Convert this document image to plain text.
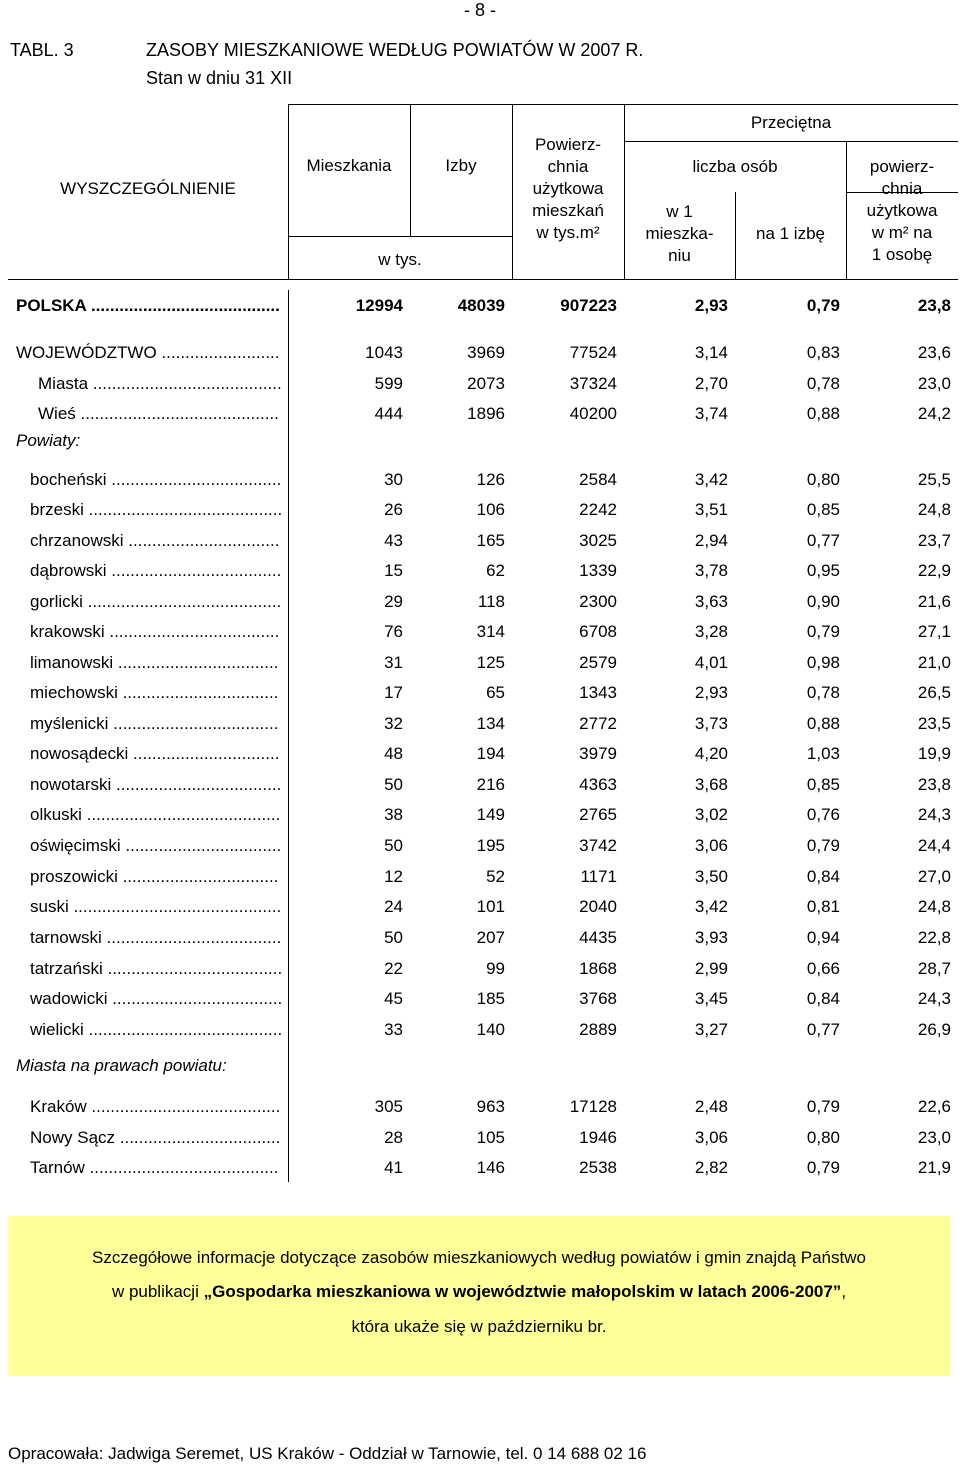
- 8 -
TABL. 3	ZASOBY MIESZKANIOWE WEDŁUG POWIATÓW W 2007 R.
Stan w dniu 31 XII
WYSZCZEGÓLNIENIE
Mieszkania	Izby
w tys.
Powierz-
chnia
użytkowa
mieszkań
w tys.m²
Przeciętna
liczba osób
w 1
mieszka-
niu
na 1 izbę
powierz-
chnia
użytkowa
w m² na
1 osobę
Powiaty:
Miasta na prawach powiatu:
POLSKA ........................................	12994	48039	907223	2,93	0,79	23,8
WOJEWÓDZTWO .........................	1043	3969	77524	3,14	0,83	23,6
Miasta ........................................	599	2073	37324	2,70	0,78	23,0
Wieś ..........................................	444	1896	40200	3,74	0,88	24,2
bocheński ....................................	30	126	2584	3,42	0,80	25,5
brzeski .........................................	26	106	2242	3,51	0,85	24,8
chrzanowski ................................	43	165	3025	2,94	0,77	23,7
dąbrowski ....................................	15	62	1339	3,78	0,95	22,9
gorlicki .........................................	29	118	2300	3,63	0,90	21,6
krakowski ....................................	76	314	6708	3,28	0,79	27,1
limanowski ..................................	31	125	2579	4,01	0,98	21,0
miechowski .................................	17	65	1343	2,93	0,78	26,5
myślenicki ...................................	32	134	2772	3,73	0,88	23,5
nowosądecki ...............................	48	194	3979	4,20	1,03	19,9
nowotarski ...................................	50	216	4363	3,68	0,85	23,8
olkuski .........................................	38	149	2765	3,02	0,76	24,3
oświęcimski .................................	50	195	3742	3,06	0,79	24,4
proszowicki .................................	12	52	1171	3,50	0,84	27,0
suski ............................................	24	101	2040	3,42	0,81	24,8
tarnowski .....................................	50	207	4435	3,93	0,94	22,8
tatrzański .....................................	22	99	1868	2,99	0,66	28,7
wadowicki ....................................	45	185	3768	3,45	0,84	24,3
wielicki .........................................	33	140	2889	3,27	0,77	26,9
Kraków ........................................	305	963	17128	2,48	0,79	22,6
Nowy Sącz ..................................	28	105	1946	3,06	0,80	23,0
Tarnów ........................................	41	146	2538	2,82	0,79	21,9

Szczegółowe informacje dotyczące zasobów mieszkaniowych według powiatów i gmin znajdą Państwo

w publikacji „Gospodarka mieszkaniowa w województwie małopolskim w latach 2006-2007”,

która ukaże się w październiku br.

Opracowała: Jadwiga Seremet, US Kraków - Oddział w Tarnowie, tel. 0 14 688 02 16
